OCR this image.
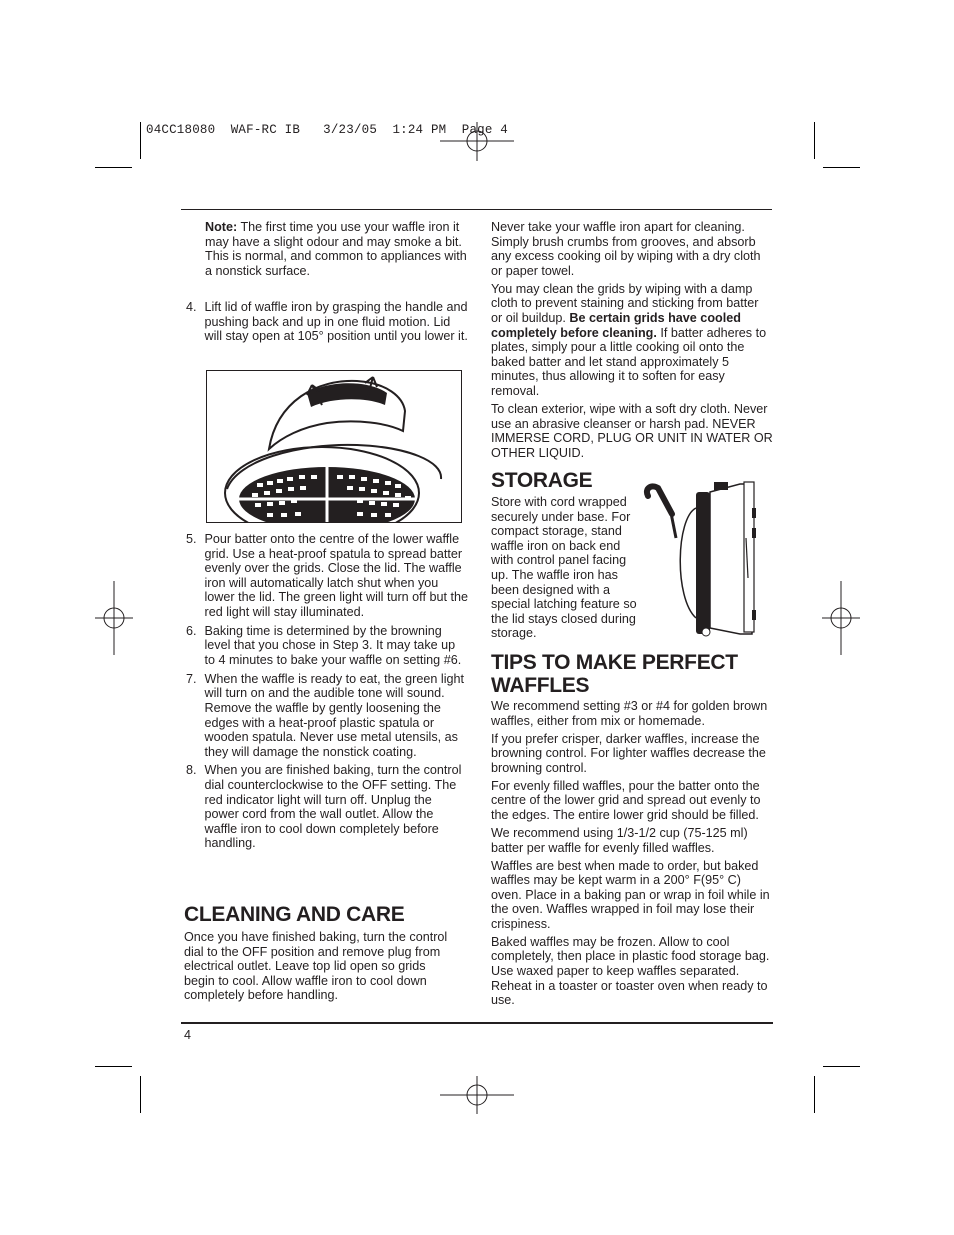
04CC18080  WAF-RC IB   3/23/05  1:24 PM  Page 4
Note: The first time you use your waffle iron it may have a slight odour and may smoke a bit. This is normal, and common to appliances with a nonstick surface.
4. Lift lid of waffle iron by grasping the handle and pushing back and up in one fluid motion. Lid will stay open at 105° position until you lower it.
5. Pour batter onto the centre of the lower waffle grid. Use a heat-proof spatula to spread batter evenly over the grids. Close the lid. The waffle iron will automatically latch shut when you lower the lid. The green light will turn off but the red light will stay illuminated.
6. Baking time is determined by the browning level that you chose in Step 3. It may take up to 4 minutes to bake your waffle on setting #6.
7. When the waffle is ready to eat, the green light will turn on and the audible tone will sound. Remove the waffle by gently loosening the edges with a heat-proof plastic spatula or wooden spatula. Never use metal utensils, as they will damage the nonstick coating.
8. When you are finished baking, turn the control dial counterclockwise to the OFF setting. The red indicator light will turn off. Unplug the power cord from the wall outlet. Allow the waffle iron to cool down completely before handling.
CLEANING AND CARE

Once you have finished baking, turn the control dial to the OFF position and remove plug from electrical outlet. Leave top lid open so grids begin to cool. Allow waffle iron to cool down completely before handling.

Never take your waffle iron apart for cleaning. Simply brush crumbs from grooves, and absorb any excess cooking oil by wiping with a dry cloth or paper towel.

You may clean the grids by wiping with a damp cloth to prevent staining and sticking from batter or oil buildup. Be certain grids have cooled completely before cleaning. If batter adheres to plates, simply pour a little cooking oil onto the baked batter and let stand approximately 5 minutes, thus allowing it to soften for easy removal.

To clean exterior, wipe with a soft dry cloth. Never use an abrasive cleanser or harsh pad. NEVER IMMERSE CORD, PLUG OR UNIT IN WATER OR OTHER LIQUID.

STORAGE

Store with cord wrapped securely under base. For compact storage, stand waffle iron on back end with control panel facing up. The waffle iron has been designed with a special latching feature so the lid stays closed during storage.

TIPS TO MAKE PERFECT WAFFLES

We recommend setting #3 or #4 for golden brown waffles, either from mix or homemade.

If you prefer crisper, darker waffles, increase the browning control. For lighter waffles decrease the browning control.

For evenly filled waffles, pour the batter onto the centre of the lower grid and spread out evenly to the edges. The entire lower grid should be filled.

We recommend using 1/3-1/2 cup (75-125 ml) batter per waffle for evenly filled waffles.

Waffles are best when made to order, but baked waffles may be kept warm in a 200° F(95° C) oven. Place in a baking pan or wrap in foil while in the oven. Waffles wrapped in foil may lose their crispiness.

Baked waffles may be frozen. Allow to cool completely, then place in plastic food storage bag. Use waxed paper to keep waffles separated. Reheat in a toaster or toaster oven when ready to use.

4
